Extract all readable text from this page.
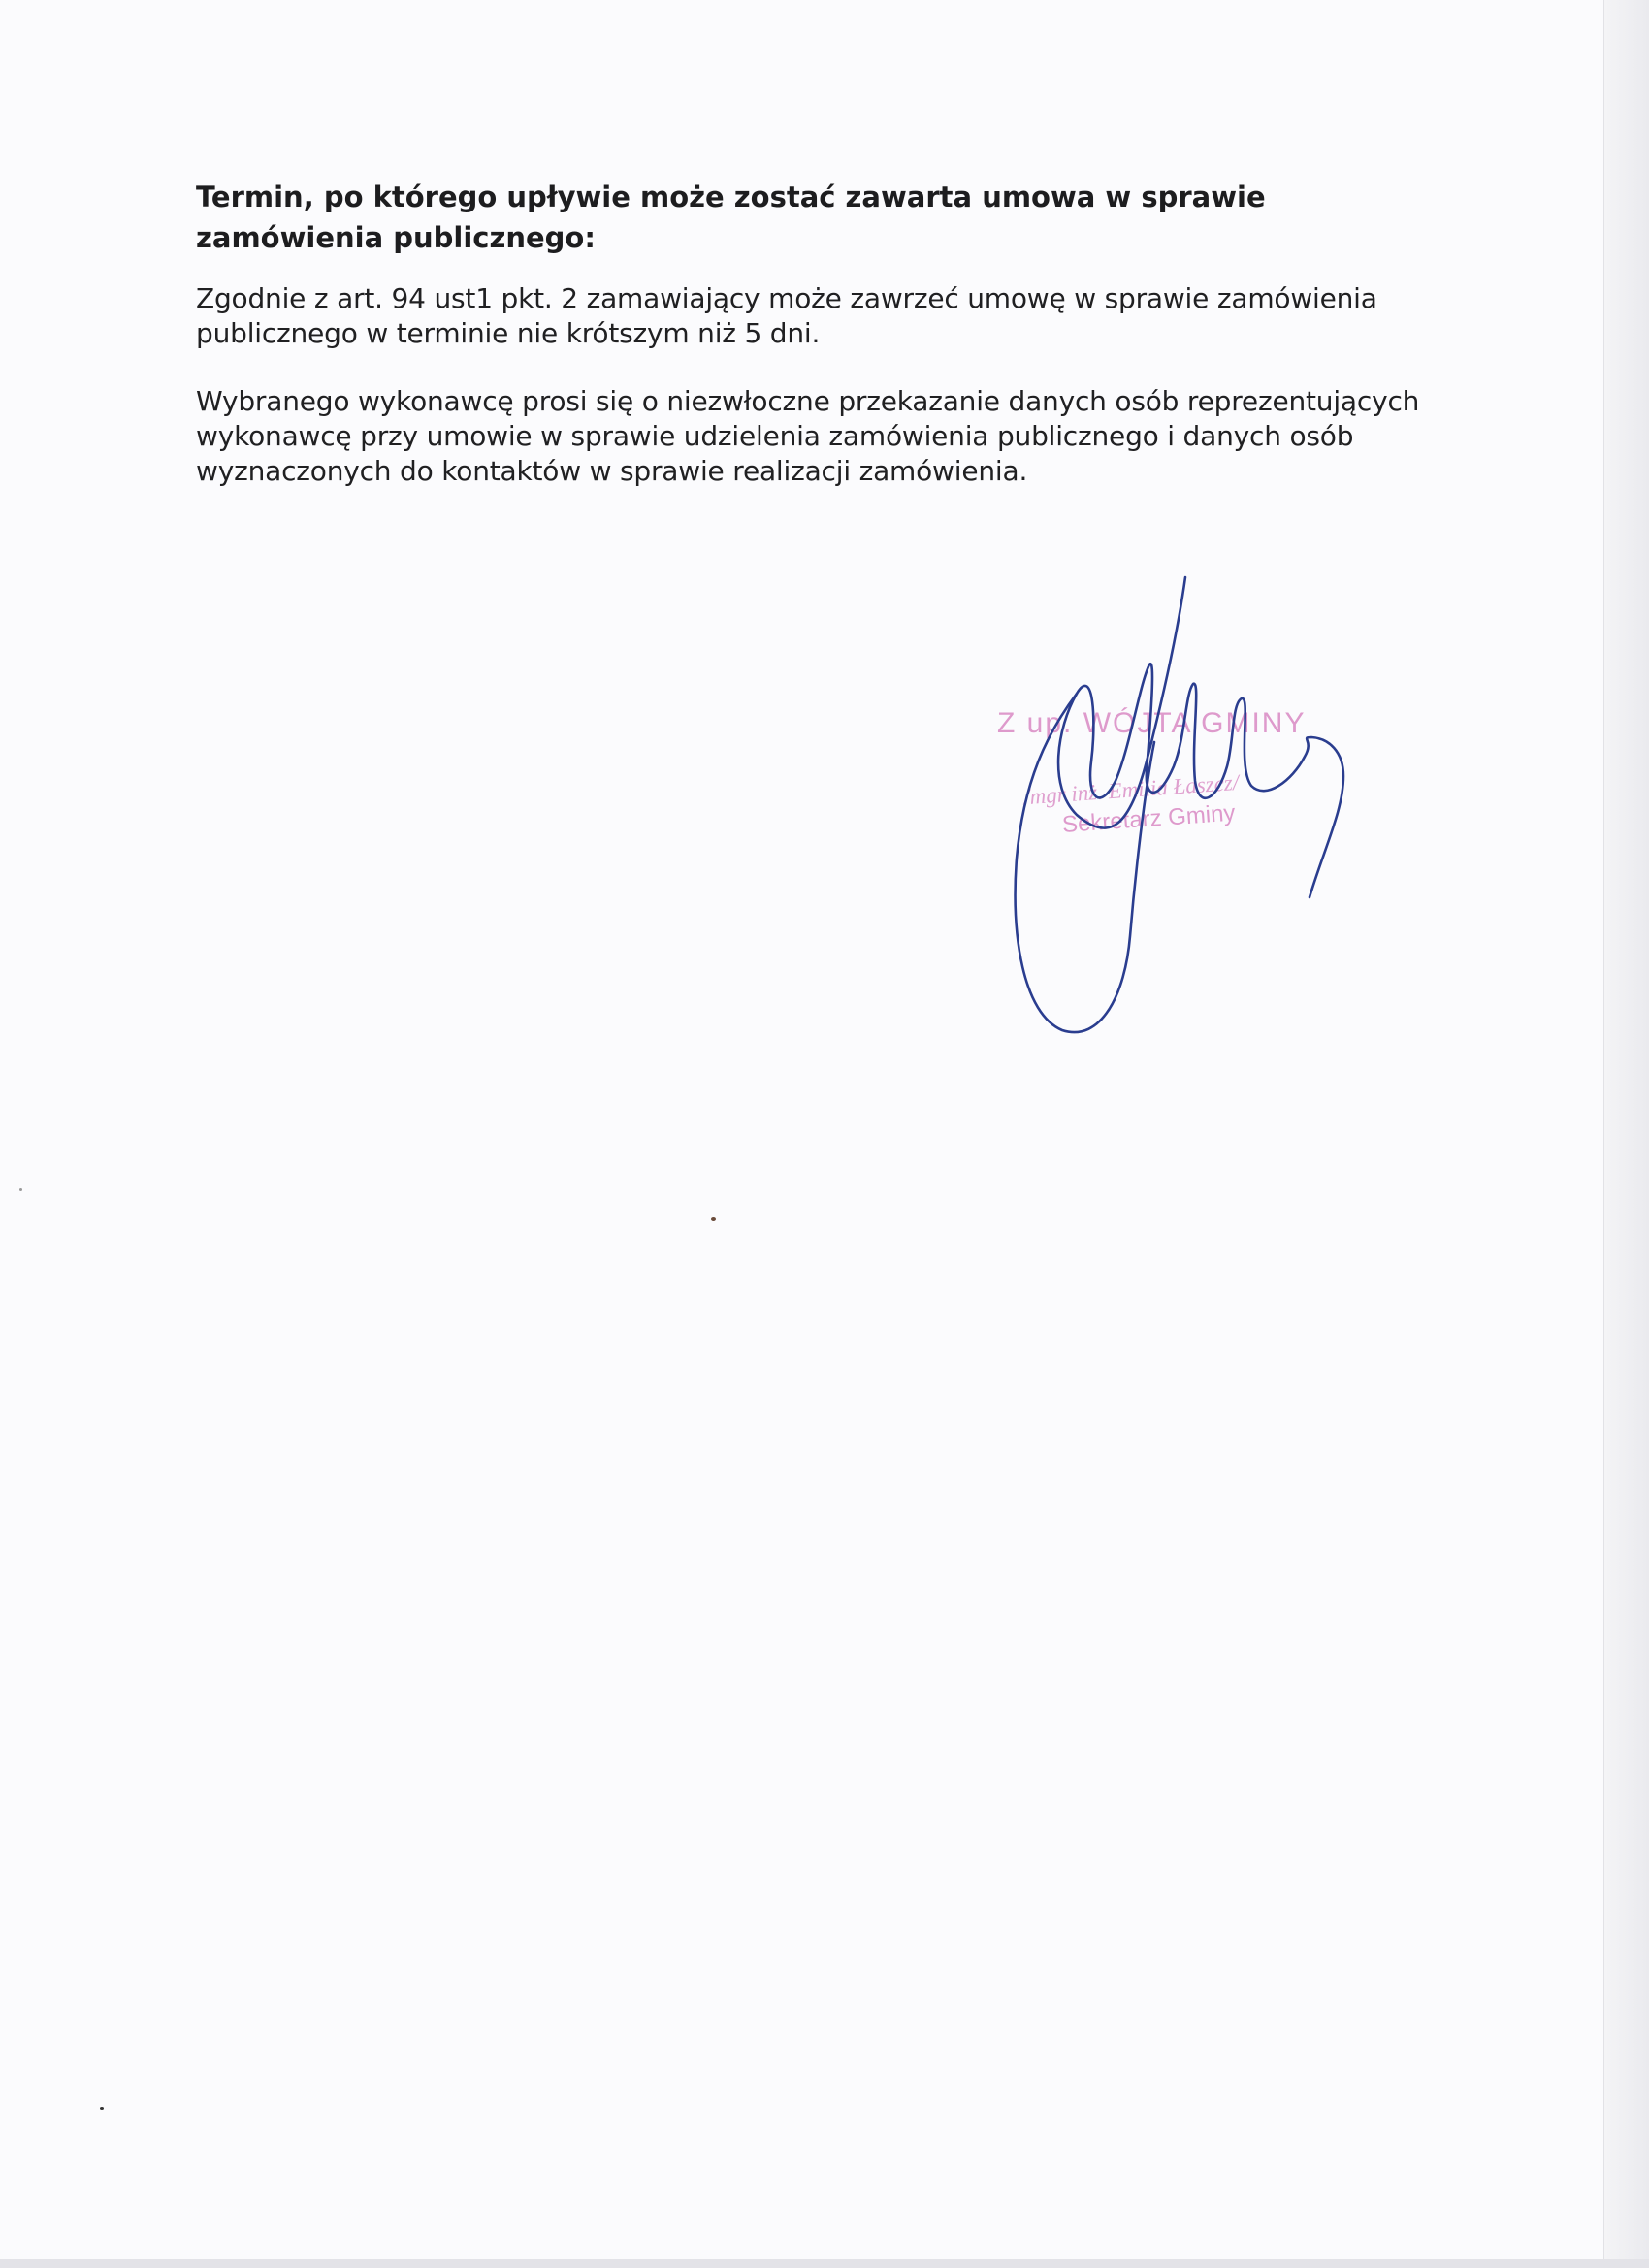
Termin, po którego upływie może zostać zawarta umowa w sprawie zamówienia publicznego:

Zgodnie z art. 94 ust1 pkt. 2 zamawiający może zawrzeć umowę w sprawie zamówienia publicznego w terminie nie krótszym niż 5 dni.

Wybranego wykonawcę prosi się o niezwłoczne przekazanie danych osób reprezentujących wykonawcę przy umowie w sprawie udzielenia zamówienia publicznego i danych osób wyznaczonych do kontaktów w sprawie realizacji zamówienia.

Z up. WÓJTA GMINY
/mgr inż. Emilia Łaszcz/
Sekretarz Gminy
